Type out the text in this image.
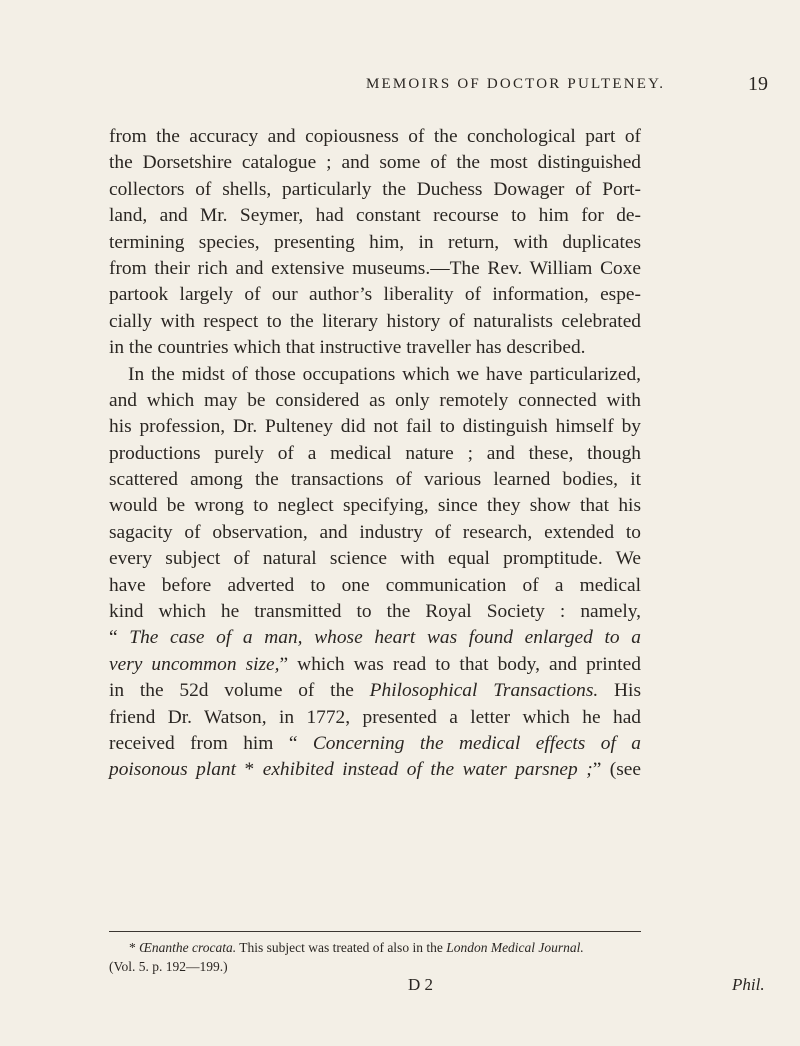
MEMOIRS OF DOCTOR PULTENEY.	19
from the accuracy and copiousness of the conchological part of
the Dorsetshire catalogue ; and some of the most distinguished
collectors of shells, particularly the Duchess Dowager of Port-
land, and Mr. Seymer, had constant recourse to him for de-
termining species, presenting him, in return, with duplicates
from their rich and extensive museums.—The Rev. William Coxe
partook largely of our author’s liberality of information, espe-
cially with respect to the literary history of naturalists celebrated
in the countries which that instructive traveller has described.
In the midst of those occupations which we have particularized,
and which may be considered as only remotely connected with
his profession, Dr. Pulteney did not fail to distinguish himself by
productions purely of a medical nature ; and these, though
scattered among the transactions of various learned bodies, it
would be wrong to neglect specifying, since they show that his
sagacity of observation, and industry of research, extended to
every subject of natural science with equal promptitude. We
have before adverted to one communication of a medical
kind which he transmitted to the Royal Society : namely,
“ The case of a man, whose heart was found enlarged to a
very uncommon size,” which was read to that body, and printed
in the 52d volume of the Philosophical Transactions. His
friend Dr. Watson, in 1772, presented a letter which he had
received from him “ Concerning the medical effects of a
poisonous plant * exhibited instead of the water parsnep ;” (see
* Œnanthe crocata. This subject was treated of also in the London Medical Journal.
(Vol. 5. p. 192—199.)
D 2	Phil.
